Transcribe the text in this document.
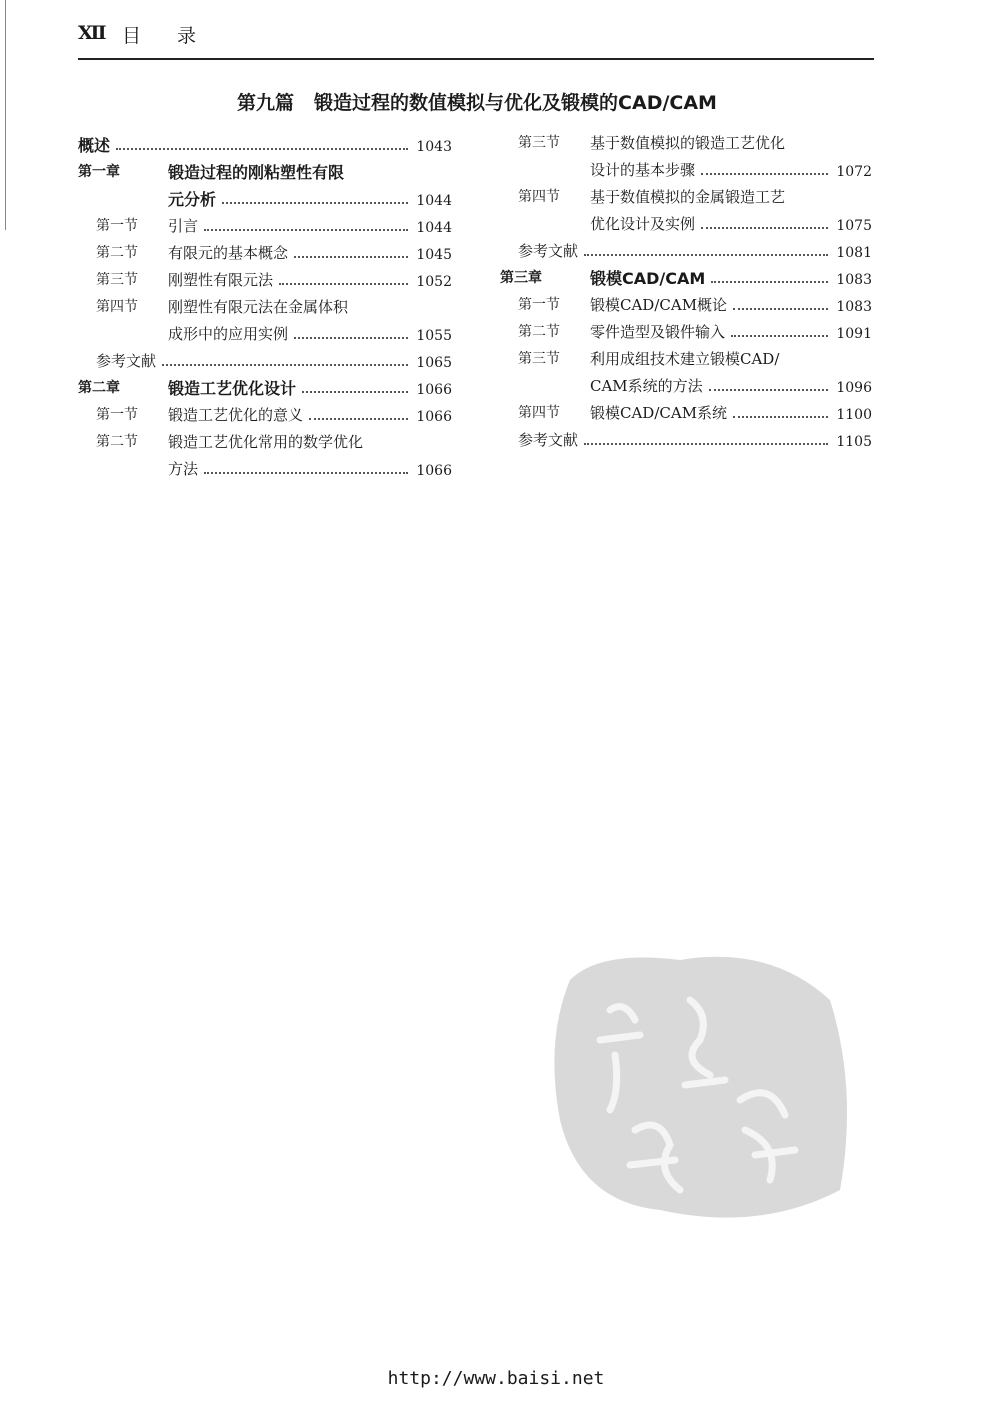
Ⅻ 目 录
第九篇 锻造过程的数值模拟与优化及锻模的CAD/CAM
概述	1043
第一章	锻造过程的刚粘塑性有限
元分析	1044
第一节 引言	1044
第二节 有限元的基本概念	1045
第三节 刚塑性有限元法	1052
第四节 刚塑性有限元法在金属体积
成形中的应用实例	1055
参考文献	1065
第二章	锻造工艺优化设计	1066
第一节 锻造工艺优化的意义	1066
第二节 锻造工艺优化常用的数学优化
方法	1066
第三节 基于数值模拟的锻造工艺优化
设计的基本步骤	1072
第四节 基于数值模拟的金属锻造工艺
优化设计及实例	1075
参考文献	1081
第三章	锻模CAD/CAM	1083
第一节 锻模CAD/CAM概论	1083
第二节 零件造型及锻件输入	1091
第三节 利用成组技术建立锻模CAD/
CAM系统的方法	1096
第四节 锻模CAD/CAM系统	1100
参考文献	1105
http://www.baisi.net
